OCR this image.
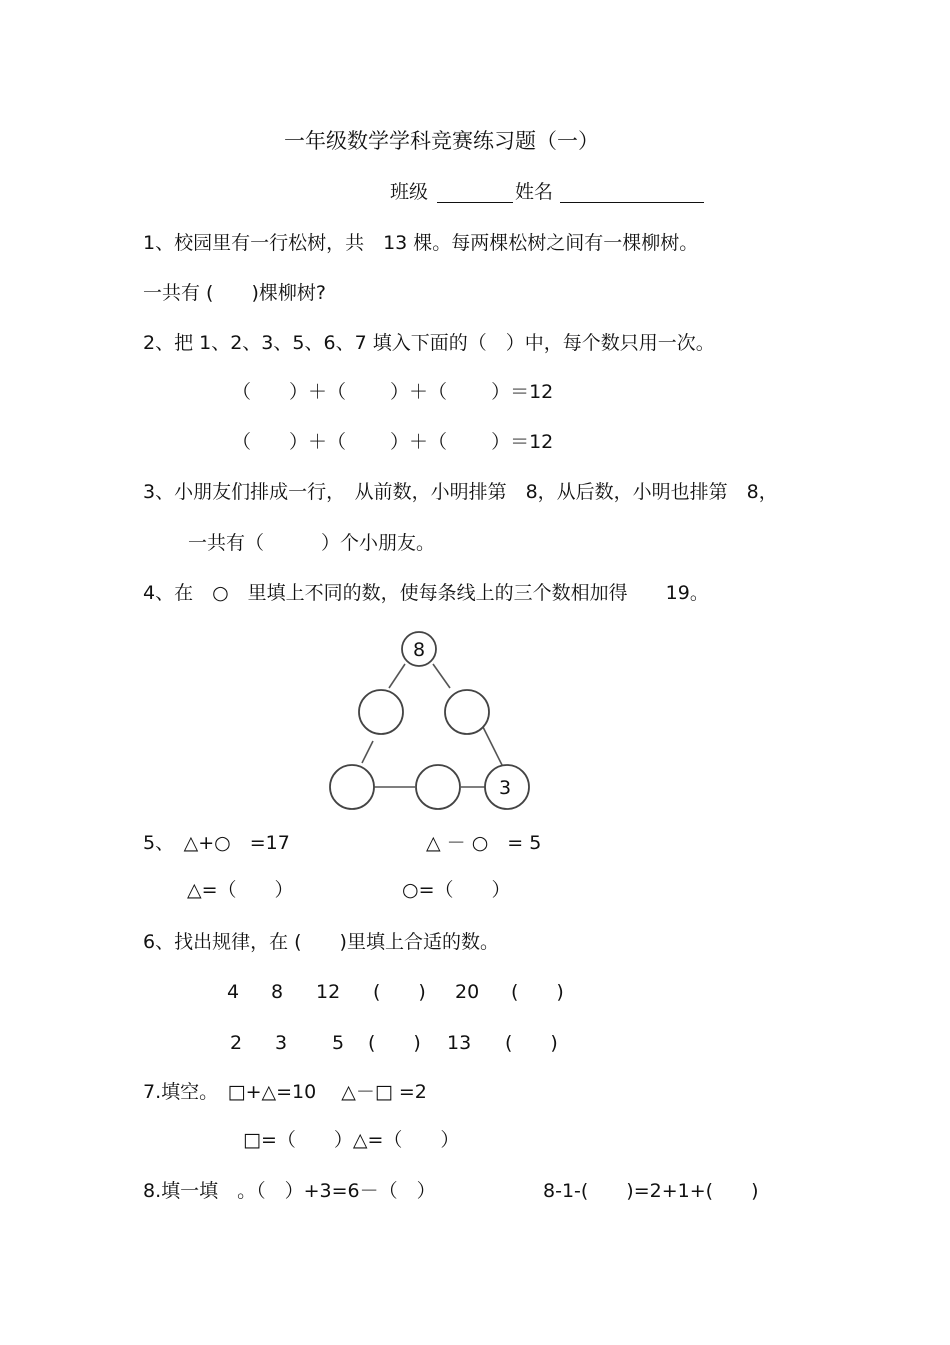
一年级数学学科竞赛练习题（一）
班级	姓名
1、校园里有一行松树，共　13 棵。每两棵松树之间有一棵柳树。
一共有 (　　)棵柳树?
2、把 1、2、3、5、6、7 填入下面的（　）中，每个数只用一次。
（　　）＋（　　 ）＋（　　 ）＝12
（　　）＋（　　 ）＋（　　 ）＝12
3、小朋友们排成一行，　从前数，小明排第　8，从后数，小明也排第　8，
一共有（　　　）个小朋友。
4、在　○　里填上不同的数，使每条线上的三个数相加得　　19。
8
3
5、　△+○　=17	△ － ○　= 5
△=（　　）	○=（　　）
6、找出规律，在 (　　)里填上合适的数。
4 8 12 (　　) 20 (　　)
2 3 5 (　　) 13 (　　)
7.填空。　□+△=10　 △－□ =2
□=（　　）△=（　　）
8.填一填　。（　）+3=6－（　）	8-1-(　　)=2+1+(　　)
